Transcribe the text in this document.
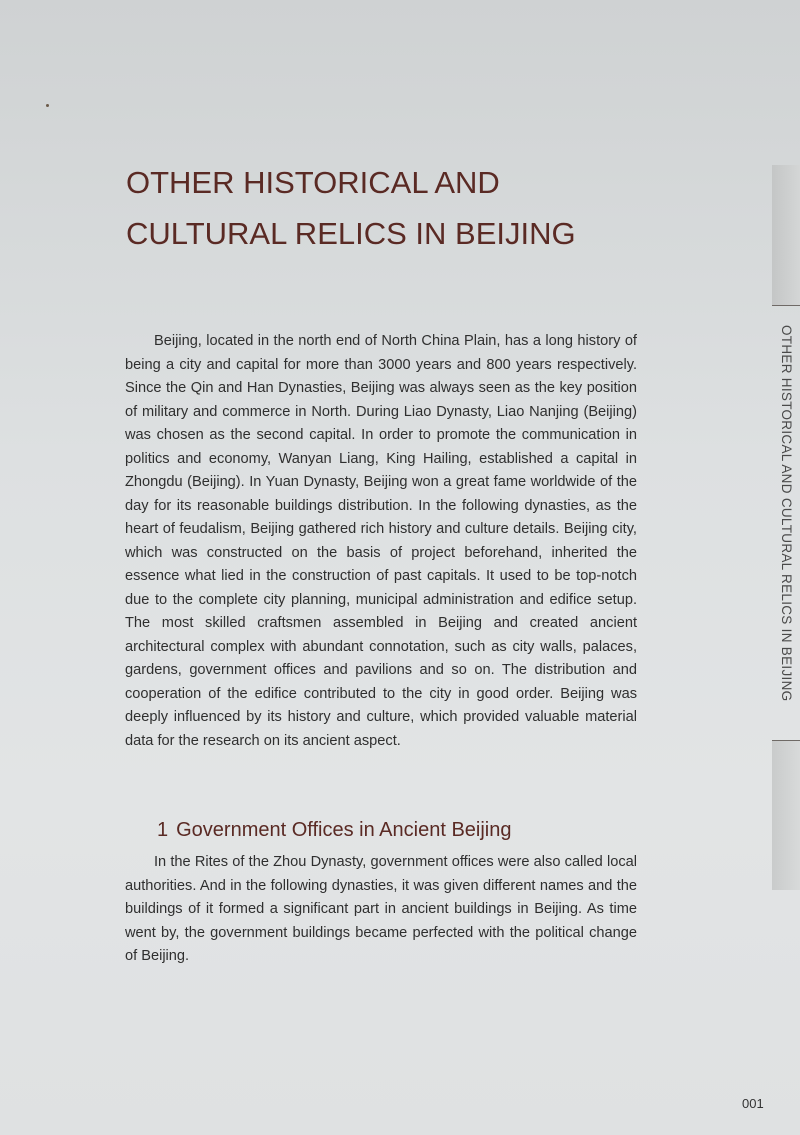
OTHER HISTORICAL AND
CULTURAL RELICS IN BEIJING

Beijing, located in the north end of North China Plain, has a long history of being a city and capital for more than 3000 years and 800 years respectively. Since the Qin and Han Dynasties, Beijing was always seen as the key position of military and commerce in North. During Liao Dynasty, Liao Nanjing (Beijing) was chosen as the second capital. In order to promote the communication in politics and economy, Wanyan Liang, King Hailing, established a capital in Zhongdu (Beijing). In Yuan Dynasty, Beijing won a great fame worldwide of the day for its reasonable buildings distribution. In the following dynasties, as the heart of feudalism, Beijing gathered rich history and culture details. Beijing city, which was constructed on the basis of project beforehand, inherited the essence what lied in the construction of past capitals. It used to be top-notch due to the complete city planning, municipal administration and edifice setup. The most skilled craftsmen assembled in Beijing and created ancient architectural complex with abundant connotation, such as city walls, palaces, gardens, government offices and pavilions and so on. The distribution and cooperation of the edifice contributed to the city in good order. Beijing was deeply influenced by its history and culture, which provided valuable material data for the research on its ancient aspect.

1 Government Offices in Ancient Beijing

In the Rites of the Zhou Dynasty, government offices were also called local authorities. And in the following dynasties, it was given different names and the buildings of it formed a significant part in ancient buildings in Beijing. As time went by, the government buildings became perfected with the political change of Beijing.

OTHER HISTORICAL AND CULTURAL RELICS IN BEIJING
001
